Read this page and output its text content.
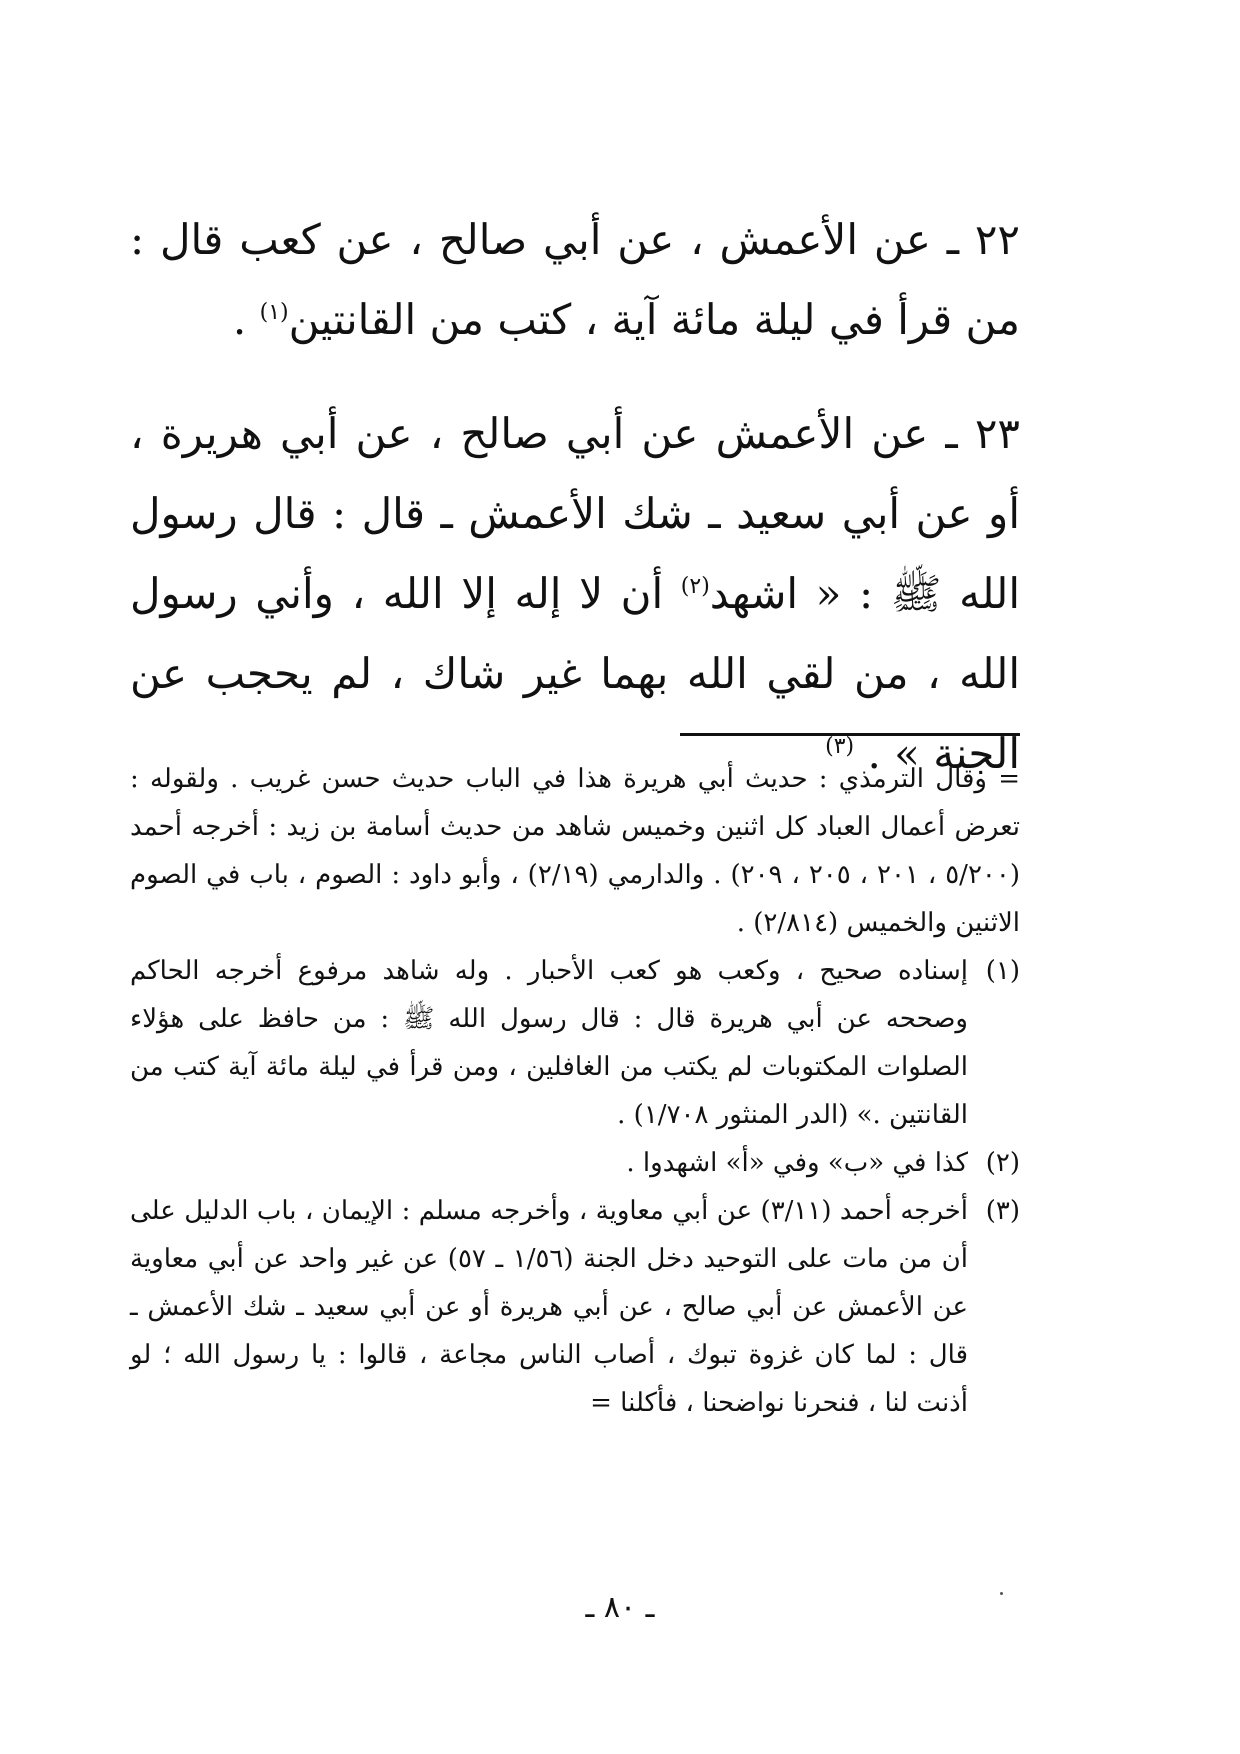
٢٢ ـ عن الأعمش ، عن أبي صالح ، عن كعب قال : من قرأ في ليلة مائة آية ، كتب من القانتين$^{(١)}$ .

٢٣ ـ عن الأعمش عن أبي صالح ، عن أبي هريرة ، أو عن أبي سعيد ـ شك الأعمش ـ قال : قال رسول الله ﷺ : « اشهد$^{(٢)}$ أن لا إله إلا الله ، وأني رسول الله ، من لقي الله بهما غير شاك ، لم يحجب عن الجنة » . $^{(٣)}$

= وقال الترمذي : حديث أبي هريرة هذا في الباب حديث حسن غريب . ولقوله : تعرض أعمال العباد كل اثنين وخميس شاهد من حديث أسامة بن زيد : أخرجه أحمد (٥/٢٠٠ ، ٢٠١ ، ٢٠٥ ، ٢٠٩) . والدارمي (٢/١٩) ، وأبو داود : الصوم ، باب في الصوم الاثنين والخميس (٢/٨١٤) .

(١)
إسناده صحيح ، وكعب هو كعب الأحبار . وله شاهد مرفوع أخرجه الحاكم وصححه عن أبي هريرة قال : قال رسول الله ﷺ : من حافظ على هؤلاء الصلوات المكتوبات لم يكتب من الغافلين ، ومن قرأ في ليلة مائة آية كتب من القانتين .» (الدر المنثور ١/٧٠٨) .

(٢)
كذا في «ب» وفي «أ» اشهدوا .

(٣)
أخرجه أحمد (٣/١١) عن أبي معاوية ، وأخرجه مسلم : الإيمان ، باب الدليل على أن من مات على التوحيد دخل الجنة (١/٥٦ ـ ٥٧) عن غير واحد عن أبي معاوية عن الأعمش عن أبي صالح ، عن أبي هريرة أو عن أبي سعيد ـ شك الأعمش ـ قال : لما كان غزوة تبوك ، أصاب الناس مجاعة ، قالوا : يا رسول الله ؛ لو أذنت لنا ، فنحرنا نواضحنا ، فأكلنا =

ـ ٨٠ ـ
